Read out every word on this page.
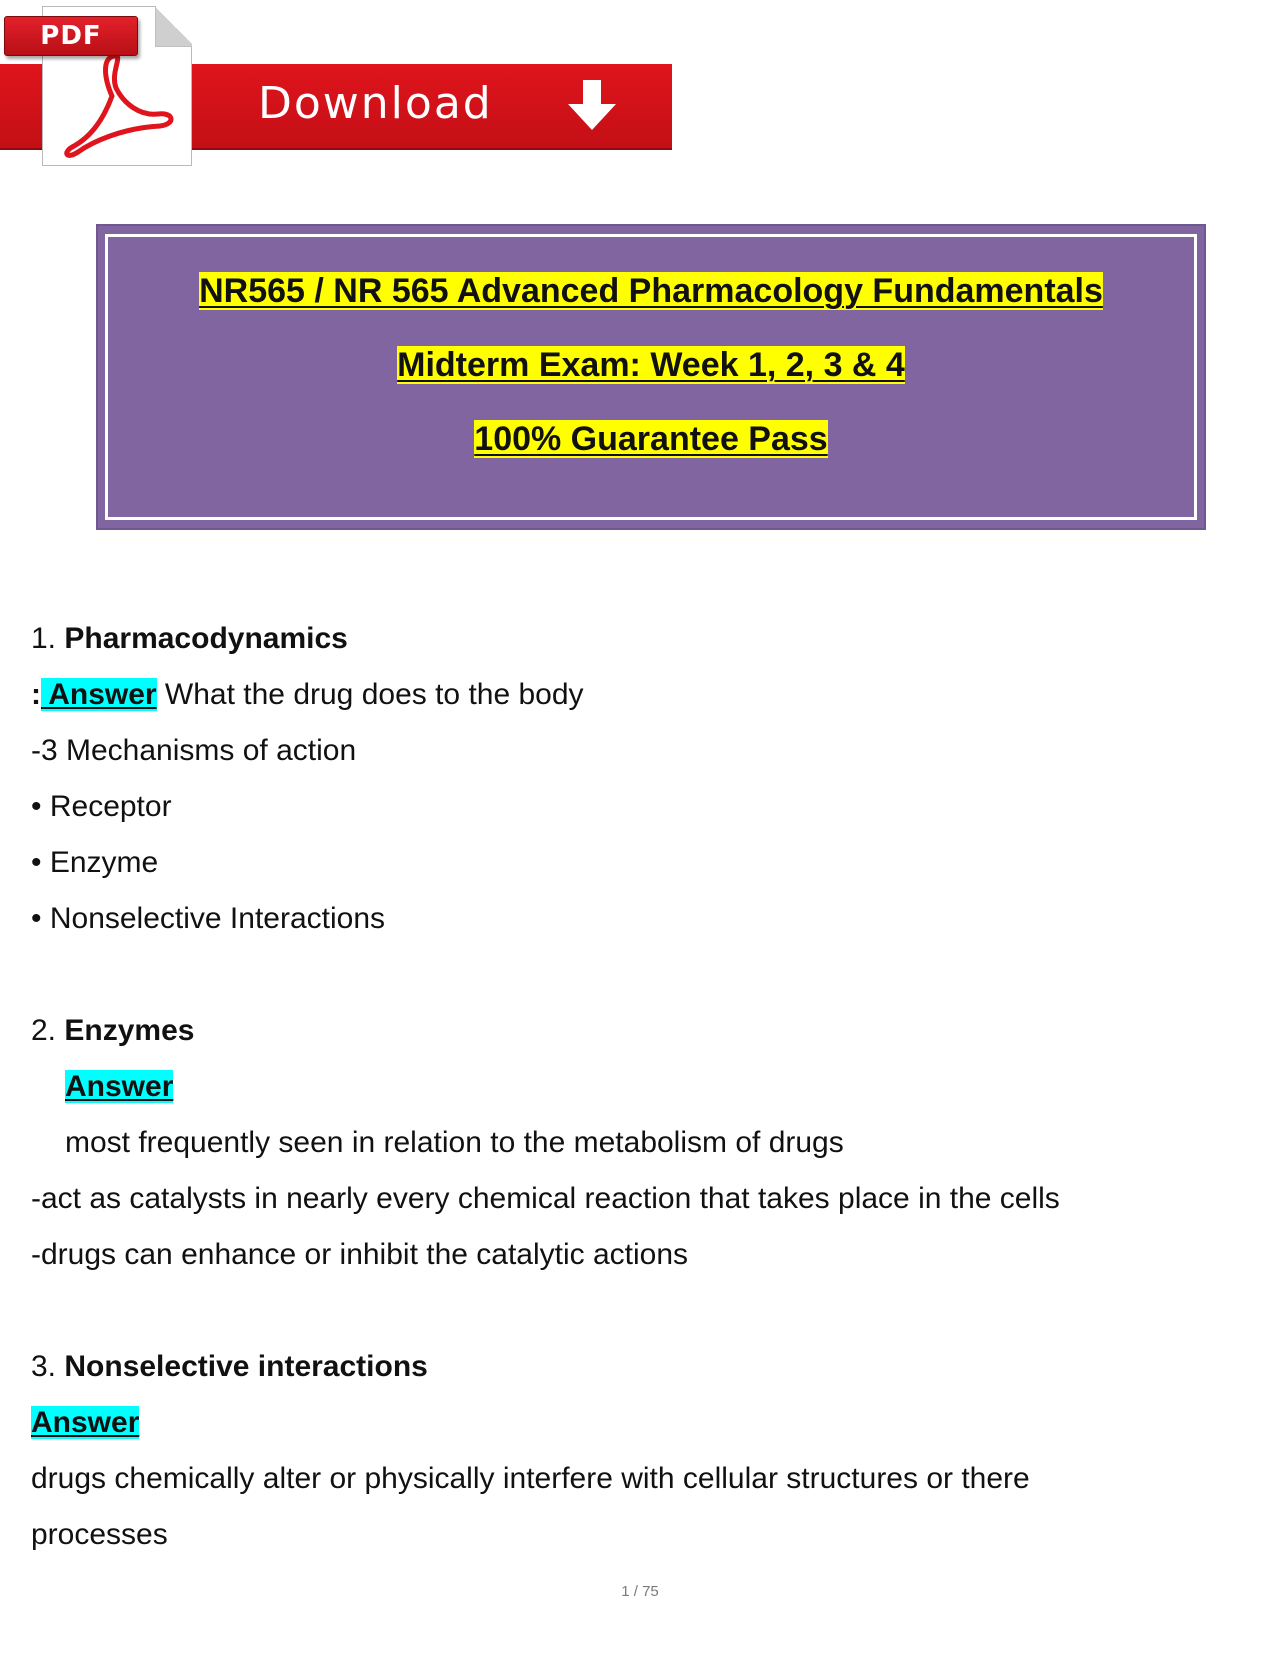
PDF
Download
NR565 / NR 565 Advanced Pharmacology Fundamentals
Midterm Exam: Week 1, 2, 3 & 4
100% Guarantee Pass
1. Pharmacodynamics
: Answer What the drug does to the body
-3 Mechanisms of action
• Receptor
• Enzyme
• Nonselective Interactions
2. Enzymes
Answer
most frequently seen in relation to the metabolism of drugs
-act as catalysts in nearly every chemical reaction that takes place in the cells
-drugs can enhance or inhibit the catalytic actions
3. Nonselective interactions
Answer
drugs chemically alter or physically interfere with cellular structures or there
processes
1 / 75
